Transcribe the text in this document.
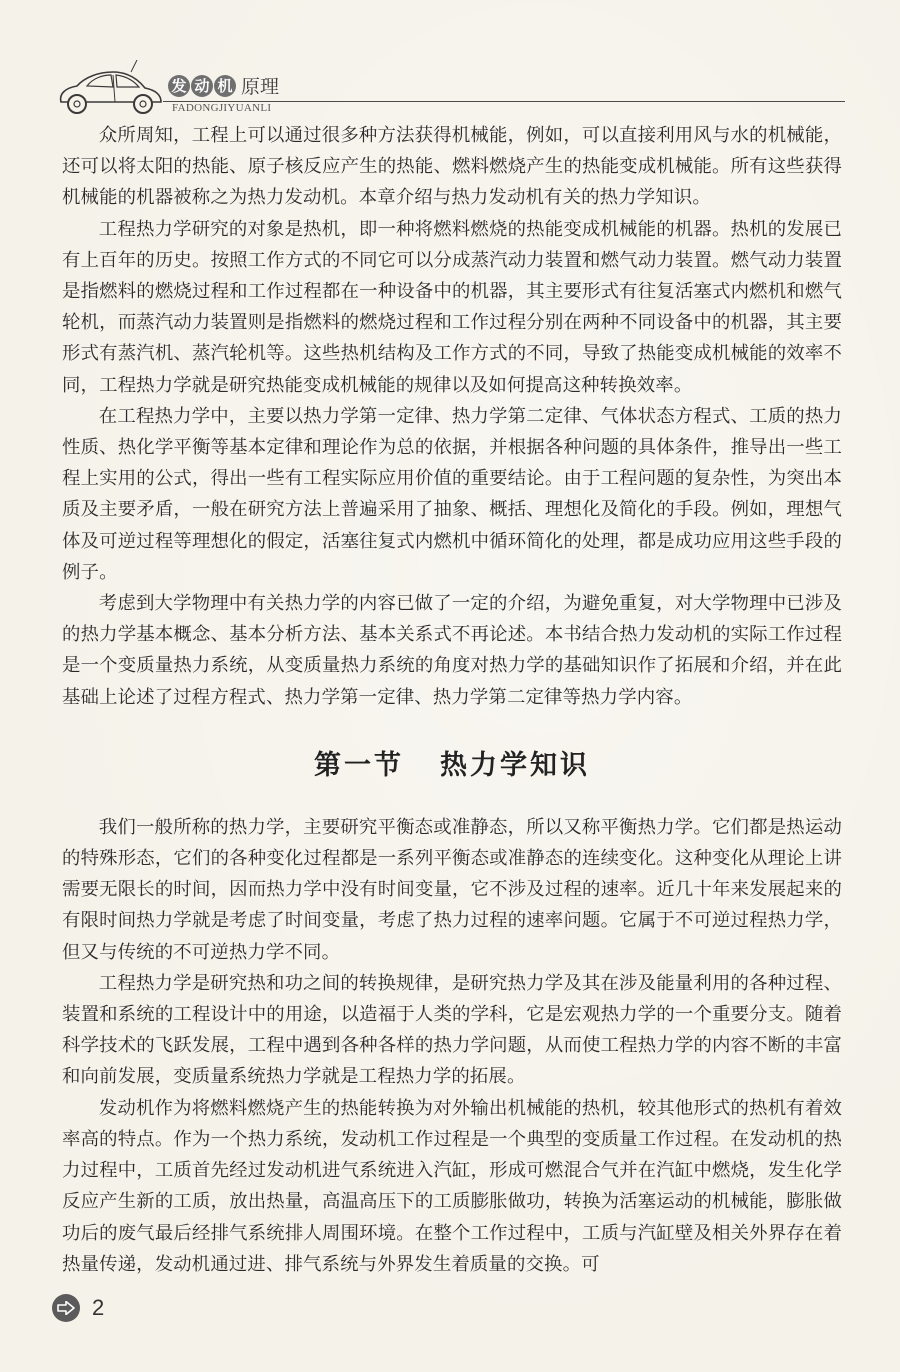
发 动 机 原理
FADONGJIYUANLI

众所周知，工程上可以通过很多种方法获得机械能，例如，可以直接利用风与水的机械能，还可以将太阳的热能、原子核反应产生的热能、燃料燃烧产生的热能变成机械能。所有这些获得机械能的机器被称之为热力发动机。本章介绍与热力发动机有关的热力学知识。

工程热力学研究的对象是热机，即一种将燃料燃烧的热能变成机械能的机器。热机的发展已有上百年的历史。按照工作方式的不同它可以分成蒸汽动力装置和燃气动力装置。燃气动力装置是指燃料的燃烧过程和工作过程都在一种设备中的机器，其主要形式有往复活塞式内燃机和燃气轮机，而蒸汽动力装置则是指燃料的燃烧过程和工作过程分别在两种不同设备中的机器，其主要形式有蒸汽机、蒸汽轮机等。这些热机结构及工作方式的不同，导致了热能变成机械能的效率不同，工程热力学就是研究热能变成机械能的规律以及如何提高这种转换效率。

在工程热力学中，主要以热力学第一定律、热力学第二定律、气体状态方程式、工质的热力性质、热化学平衡等基本定律和理论作为总的依据，并根据各种问题的具体条件，推导出一些工程上实用的公式，得出一些有工程实际应用价值的重要结论。由于工程问题的复杂性，为突出本质及主要矛盾，一般在研究方法上普遍采用了抽象、概括、理想化及简化的手段。例如，理想气体及可逆过程等理想化的假定，活塞往复式内燃机中循环简化的处理，都是成功应用这些手段的例子。

考虑到大学物理中有关热力学的内容已做了一定的介绍，为避免重复，对大学物理中已涉及的热力学基本概念、基本分析方法、基本关系式不再论述。本书结合热力发动机的实际工作过程是一个变质量热力系统，从变质量热力系统的角度对热力学的基础知识作了拓展和介绍，并在此基础上论述了过程方程式、热力学第一定律、热力学第二定律等热力学内容。

第一节 热力学知识

我们一般所称的热力学，主要研究平衡态或准静态，所以又称平衡热力学。它们都是热运动的特殊形态，它们的各种变化过程都是一系列平衡态或准静态的连续变化。这种变化从理论上讲需要无限长的时间，因而热力学中没有时间变量，它不涉及过程的速率。近几十年来发展起来的有限时间热力学就是考虑了时间变量，考虑了热力过程的速率问题。它属于不可逆过程热力学，但又与传统的不可逆热力学不同。

工程热力学是研究热和功之间的转换规律，是研究热力学及其在涉及能量利用的各种过程、装置和系统的工程设计中的用途，以造福于人类的学科，它是宏观热力学的一个重要分支。随着科学技术的飞跃发展，工程中遇到各种各样的热力学问题，从而使工程热力学的内容不断的丰富和向前发展，变质量系统热力学就是工程热力学的拓展。

发动机作为将燃料燃烧产生的热能转换为对外输出机械能的热机，较其他形式的热机有着效率高的特点。作为一个热力系统，发动机工作过程是一个典型的变质量工作过程。在发动机的热力过程中，工质首先经过发动机进气系统进入汽缸，形成可燃混合气并在汽缸中燃烧，发生化学反应产生新的工质，放出热量，高温高压下的工质膨胀做功，转换为活塞运动的机械能，膨胀做功后的废气最后经排气系统排人周围环境。在整个工作过程中，工质与汽缸壁及相关外界存在着热量传递，发动机通过进、排气系统与外界发生着质量的交换。可

2
